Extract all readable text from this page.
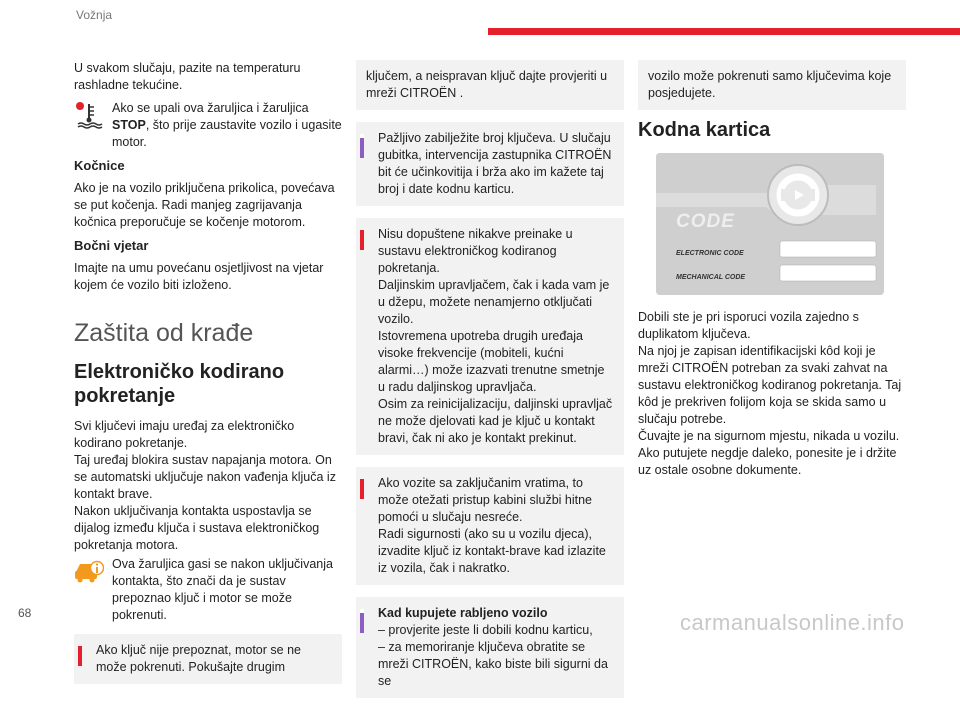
Vožnja

U svakom slučaju, pazite na temperaturu rashladne tekućine.

Ako se upali ova žaruljica i žaruljica STOP, što prije zaustavite vozilo i ugasite motor.
Kočnice

Ako je na vozilo priključena prikolica, povećava se put kočenja. Radi manjeg zagrijavanja kočnica preporučuje se kočenje motorom.

Bočni vjetar

Imajte na umu povećanu osjetljivost na vjetar kojem će vozilo biti izloženo.

Zaštita od krađe
Elektroničko kodirano pokretanje

Svi ključevi imaju uređaj za elektroničko kodirano pokretanje.

Taj uređaj blokira sustav napajanja motora. On se automatski uključuje nakon vađenja ključa iz kontakt brave.

Nakon uključivanja kontakta uspostavlja se dijalog između ključa i sustava elektroničkog pokretanja motora.

Ova žaruljica gasi se nakon uključivanja kontakta, što znači da je sustav prepoznao ključ i motor se može pokrenuti.
Ako ključ nije prepoznat, motor se ne može pokrenuti. Pokušajte drugim
ključem, a neispravan ključ dajte provjeriti u mreži CITROËN .
Pažljivo zabilježite broj ključeva. U slučaju gubitka, intervencija zastupnika CITROËN bit će učinkovitija i brža ako im kažete taj broj i date kodnu karticu.
Nisu dopuštene nikakve preinake u sustavu elektroničkog kodiranog pokretanja.
Daljinskim upravljačem, čak i kada vam je u džepu, možete nenamjerno otključati vozilo.
Istovremena upotreba drugih uređaja visoke frekvencije (mobiteli, kućni alarmi…) može izazvati trenutne smetnje u radu daljinskog upravljača.
Osim za reinicijalizaciju, daljinski upravljač ne može djelovati kad je ključ u kontakt bravi, čak ni ako je kontakt prekinut.
Ako vozite sa zaključanim vratima, to može otežati pristup kabini službi hitne pomoći u slučaju nesreće.
Radi sigurnosti (ako su u vozilu djeca), izvadite ključ iz kontakt-brave kad izlazite iz vozila, čak i nakratko.
Kad kupujete rabljeno vozilo
– provjerite jeste li dobili kodnu karticu,
– za memoriranje ključeva obratite se mreži CITROËN, kako biste bili sigurni da se
vozilo može pokrenuti samo ključevima koje posjedujete.
Kodna kartica
CODE
ELECTRONIC CODE
MECHANICAL CODE

Dobili ste je pri isporuci vozila zajedno s duplikatom ključeva.

Na njoj je zapisan identifikacijski kôd koji je mreži CITROËN potreban za svaki zahvat na sustavu elektroničkog kodiranog pokretanja. Taj kôd je prekriven folijom koja se skida samo u slučaju potrebe.

Čuvajte je na sigurnom mjestu, nikada u vozilu. Ako putujete negdje daleko, ponesite je i držite uz ostale osobne dokumente.

68	carmanualsonline.info
